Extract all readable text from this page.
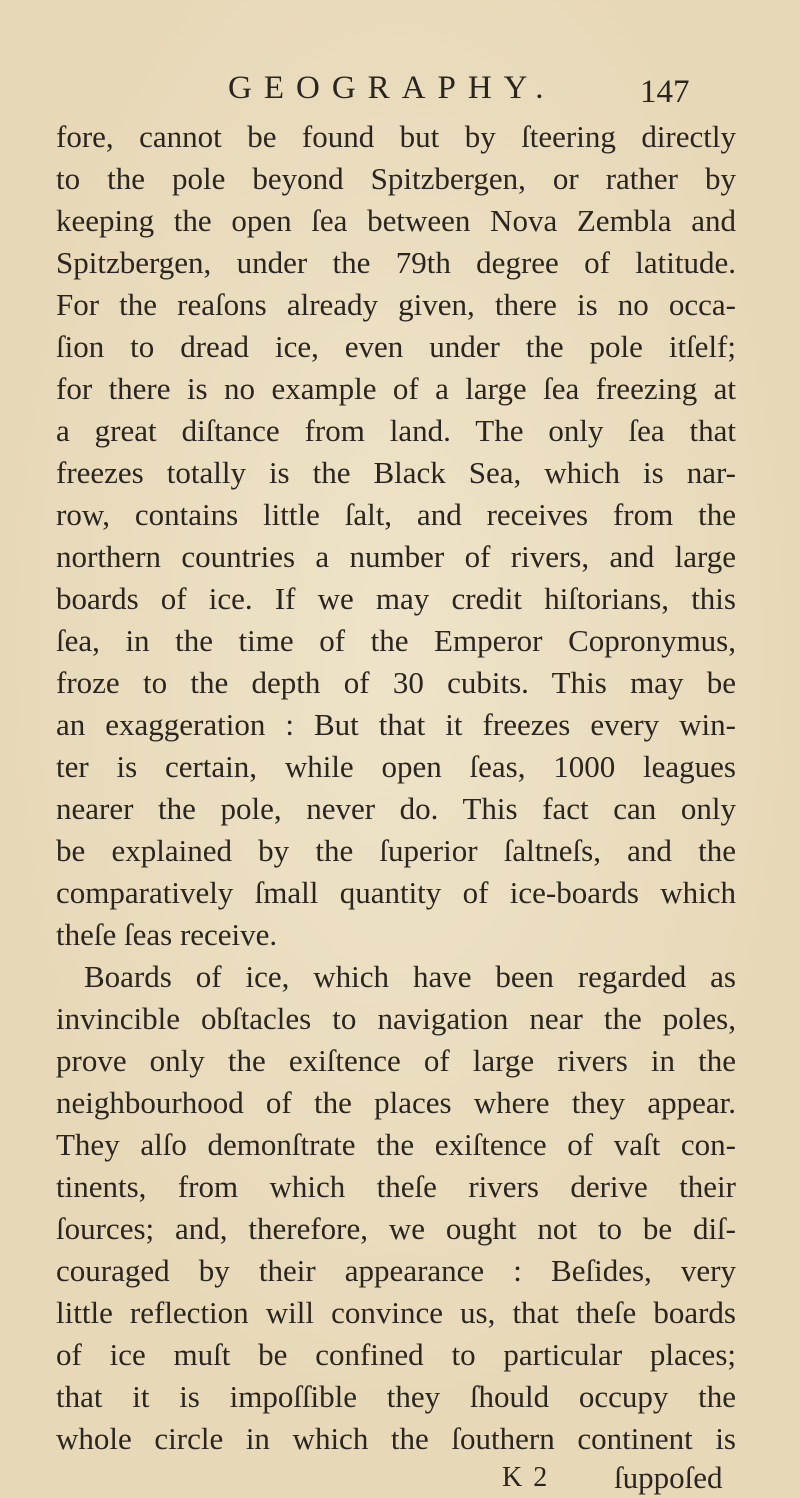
GEOGRAPHY.	147
fore, cannot be found but by ſteering directly
to the pole beyond Spitzbergen, or rather by
keeping the open ſea between Nova Zembla and
Spitzbergen, under the 79th degree of latitude.
For the reaſons already given, there is no occa-
ſion to dread ice, even under the pole itſelf;
for there is no example of a large ſea freezing at
a great diſtance from land. The only ſea that
freezes totally is the Black Sea, which is nar-
row, contains little ſalt, and receives from the
northern countries a number of rivers, and large
boards of ice. If we may credit hiſtorians, this
ſea, in the time of the Emperor Copronymus,
froze to the depth of 30 cubits. This may be
an exaggeration : But that it freezes every win-
ter is certain, while open ſeas, 1000 leagues
nearer the pole, never do. This fact can only
be explained by the ſuperior ſaltneſs, and the
comparatively ſmall quantity of ice-boards which
theſe ſeas receive.
Boards of ice, which have been regarded as
invincible obſtacles to navigation near the poles,
prove only the exiſtence of large rivers in the
neighbourhood of the places where they appear.
They alſo demonſtrate the exiſtence of vaſt con-
tinents, from which theſe rivers derive their
ſources; and, therefore, we ought not to be diſ-
couraged by their appearance : Beſides, very
little reflection will convince us, that theſe boards
of ice muſt be confined to particular places;
that it is impoſſible they ſhould occupy the
whole circle in which the ſouthern continent is
K 2 ſuppoſed
